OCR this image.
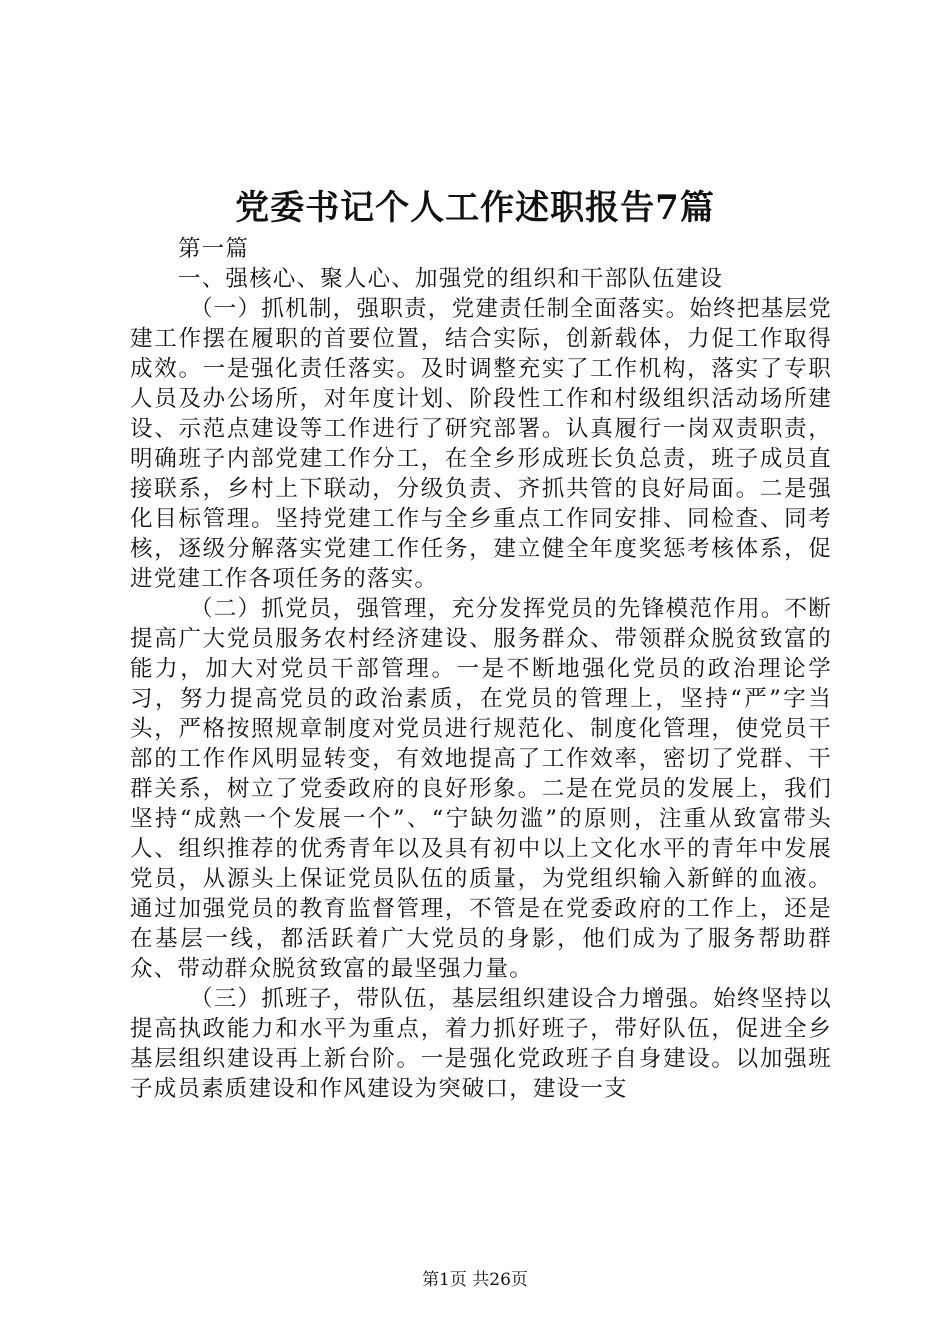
党委书记个人工作述职报告7篇

第一篇

一、强核心、聚人心、加强党的组织和干部队伍建设

（一）抓机制，强职责，党建责任制全面落实。始终把基层党建工作摆在履职的首要位置，结合实际，创新载体，力促工作取得成效。一是强化责任落实。及时调整充实了工作机构，落实了专职人员及办公场所，对年度计划、阶段性工作和村级组织活动场所建设、示范点建设等工作进行了研究部署。认真履行一岗双责职责，明确班子内部党建工作分工，在全乡形成班长负总责，班子成员直接联系，乡村上下联动，分级负责、齐抓共管的良好局面。二是强化目标管理。坚持党建工作与全乡重点工作同安排、同检查、同考核，逐级分解落实党建工作任务，建立健全年度奖惩考核体系，促进党建工作各项任务的落实。

（二）抓党员，强管理，充分发挥党员的先锋模范作用。不断提高广大党员服务农村经济建设、服务群众、带领群众脱贫致富的能力，加大对党员干部管理。一是不断地强化党员的政治理论学习，努力提高党员的政治素质，在党员的管理上，坚持“严”字当头，严格按照规章制度对党员进行规范化、制度化管理，使党员干部的工作作风明显转变，有效地提高了工作效率，密切了党群、干群关系，树立了党委政府的良好形象。二是在党员的发展上，我们坚持“成熟一个发展一个”、“宁缺勿滥”的原则，注重从致富带头人、组织推荐的优秀青年以及具有初中以上文化水平的青年中发展党员，从源头上保证党员队伍的质量，为党组织输入新鲜的血液。通过加强党员的教育监督管理，不管是在党委政府的工作上，还是在基层一线，都活跃着广大党员的身影，他们成为了服务帮助群众、带动群众脱贫致富的最坚强力量。

（三）抓班子，带队伍，基层组织建设合力增强。始终坚持以提高执政能力和水平为重点，着力抓好班子，带好队伍，促进全乡基层组织建设再上新台阶。一是强化党政班子自身建设。以加强班子成员素质建设和作风建设为突破口，建设一支

第1页 共26页
